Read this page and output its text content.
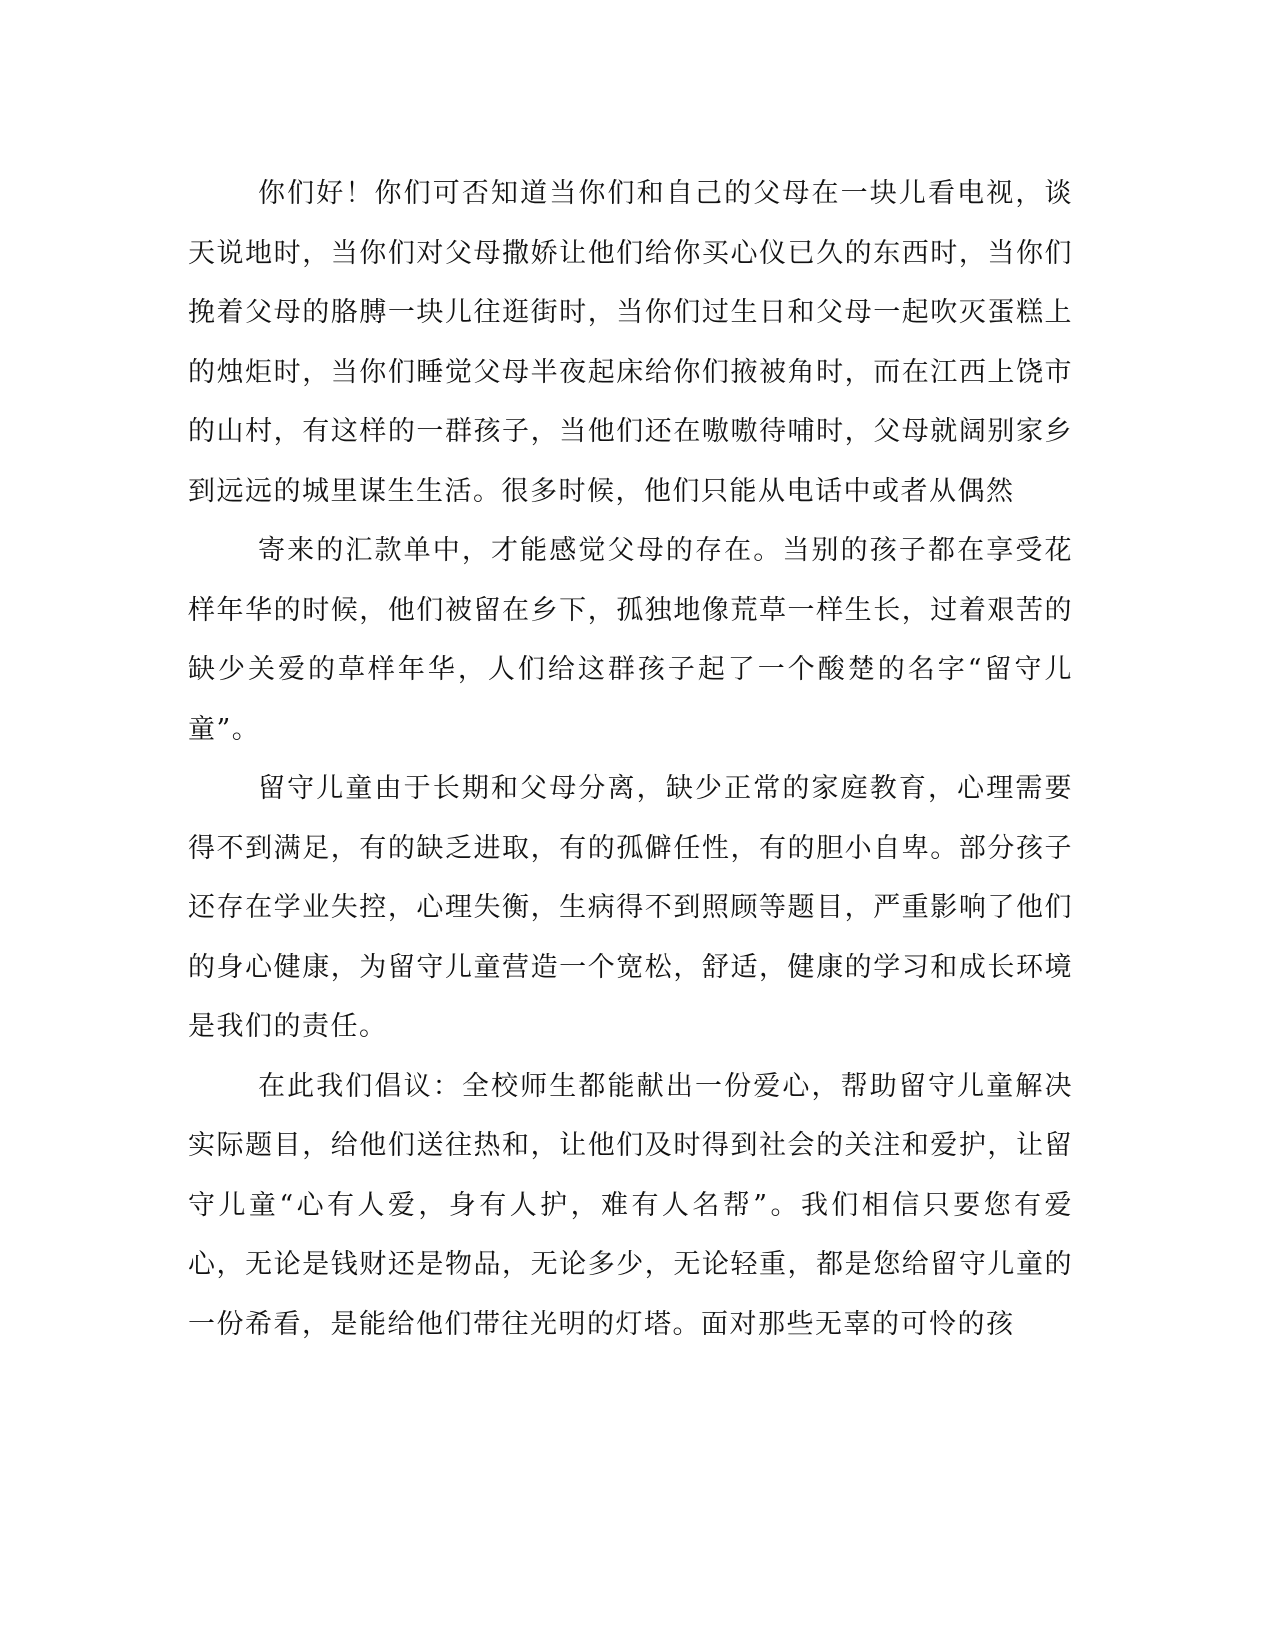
你们好！你们可否知道当你们和自己的父母在一块儿看电视，谈天说地时，当你们对父母撒娇让他们给你买心仪已久的东西时，当你们挽着父母的胳膊一块儿往逛街时，当你们过生日和父母一起吹灭蛋糕上的烛炬时，当你们睡觉父母半夜起床给你们掖被角时，而在江西上饶市的山村，有这样的一群孩子，当他们还在嗷嗷待哺时，父母就阔别家乡到远远的城里谋生生活。很多时候，他们只能从电话中或者从偶然

寄来的汇款单中，才能感觉父母的存在。当别的孩子都在享受花样年华的时候，他们被留在乡下，孤独地像荒草一样生长，过着艰苦的缺少关爱的草样年华，人们给这群孩子起了一个酸楚的名字“留守儿童”。

留守儿童由于长期和父母分离，缺少正常的家庭教育，心理需要得不到满足，有的缺乏进取，有的孤僻任性，有的胆小自卑。部分孩子还存在学业失控，心理失衡，生病得不到照顾等题目，严重影响了他们的身心健康，为留守儿童营造一个宽松，舒适，健康的学习和成长环境是我们的责任。

在此我们倡议：全校师生都能献出一份爱心，帮助留守儿童解决实际题目，给他们送往热和，让他们及时得到社会的关注和爱护，让留守儿童“心有人爱，身有人护，难有人名帮”。我们相信只要您有爱心，无论是钱财还是物品，无论多少，无论轻重，都是您给留守儿童的一份希看，是能给他们带往光明的灯塔。面对那些无辜的可怜的孩
